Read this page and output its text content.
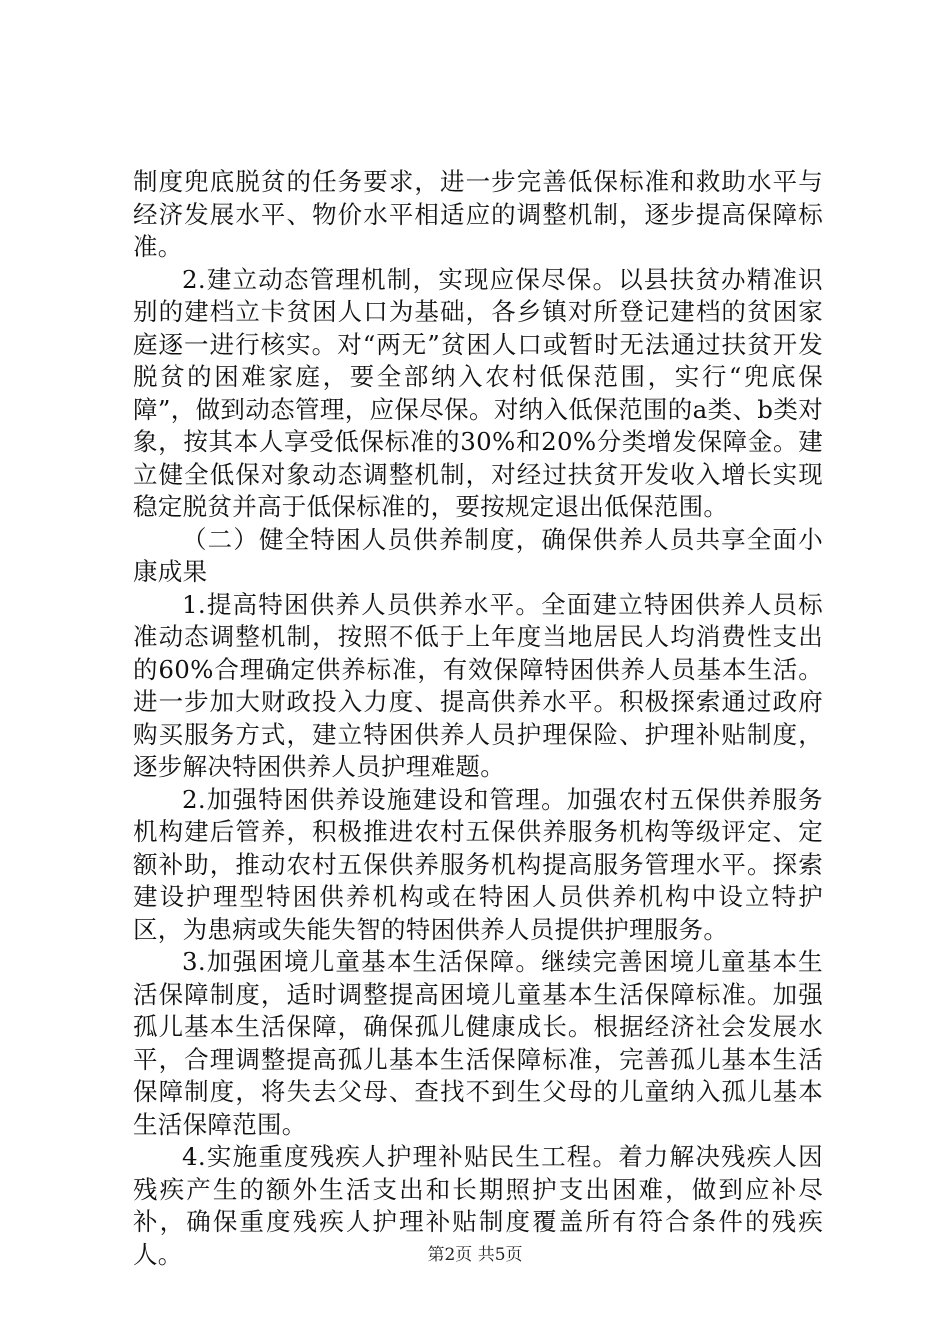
制度兜底脱贫的任务要求，进一步完善低保标准和救助水平与经济发展水平、物价水平相适应的调整机制，逐步提高保障标准。

2.建立动态管理机制，实现应保尽保。以县扶贫办精准识别的建档立卡贫困人口为基础，各乡镇对所登记建档的贫困家庭逐一进行核实。对“两无”贫困人口或暂时无法通过扶贫开发脱贫的困难家庭，要全部纳入农村低保范围，实行“兜底保障”，做到动态管理，应保尽保。对纳入低保范围的a类、b类对象，按其本人享受低保标准的30%和20%分类增发保障金。建立健全低保对象动态调整机制，对经过扶贫开发收入增长实现稳定脱贫并高于低保标准的，要按规定退出低保范围。

（二）健全特困人员供养制度，确保供养人员共享全面小康成果

1.提高特困供养人员供养水平。全面建立特困供养人员标准动态调整机制，按照不低于上年度当地居民人均消费性支出的60%合理确定供养标准，有效保障特困供养人员基本生活。进一步加大财政投入力度、提高供养水平。积极探索通过政府购买服务方式，建立特困供养人员护理保险、护理补贴制度，逐步解决特困供养人员护理难题。

2.加强特困供养设施建设和管理。加强农村五保供养服务机构建后管养，积极推进农村五保供养服务机构等级评定、定额补助，推动农村五保供养服务机构提高服务管理水平。探索建设护理型特困供养机构或在特困人员供养机构中设立特护区，为患病或失能失智的特困供养人员提供护理服务。

3.加强困境儿童基本生活保障。继续完善困境儿童基本生活保障制度，适时调整提高困境儿童基本生活保障标准。加强孤儿基本生活保障，确保孤儿健康成长。根据经济社会发展水平，合理调整提高孤儿基本生活保障标准，完善孤儿基本生活保障制度，将失去父母、查找不到生父母的儿童纳入孤儿基本生活保障范围。

4.实施重度残疾人护理补贴民生工程。着力解决残疾人因残疾产生的额外生活支出和长期照护支出困难，做到应补尽补，确保重度残疾人护理补贴制度覆盖所有符合条件的残疾人。	第2页 共5页
